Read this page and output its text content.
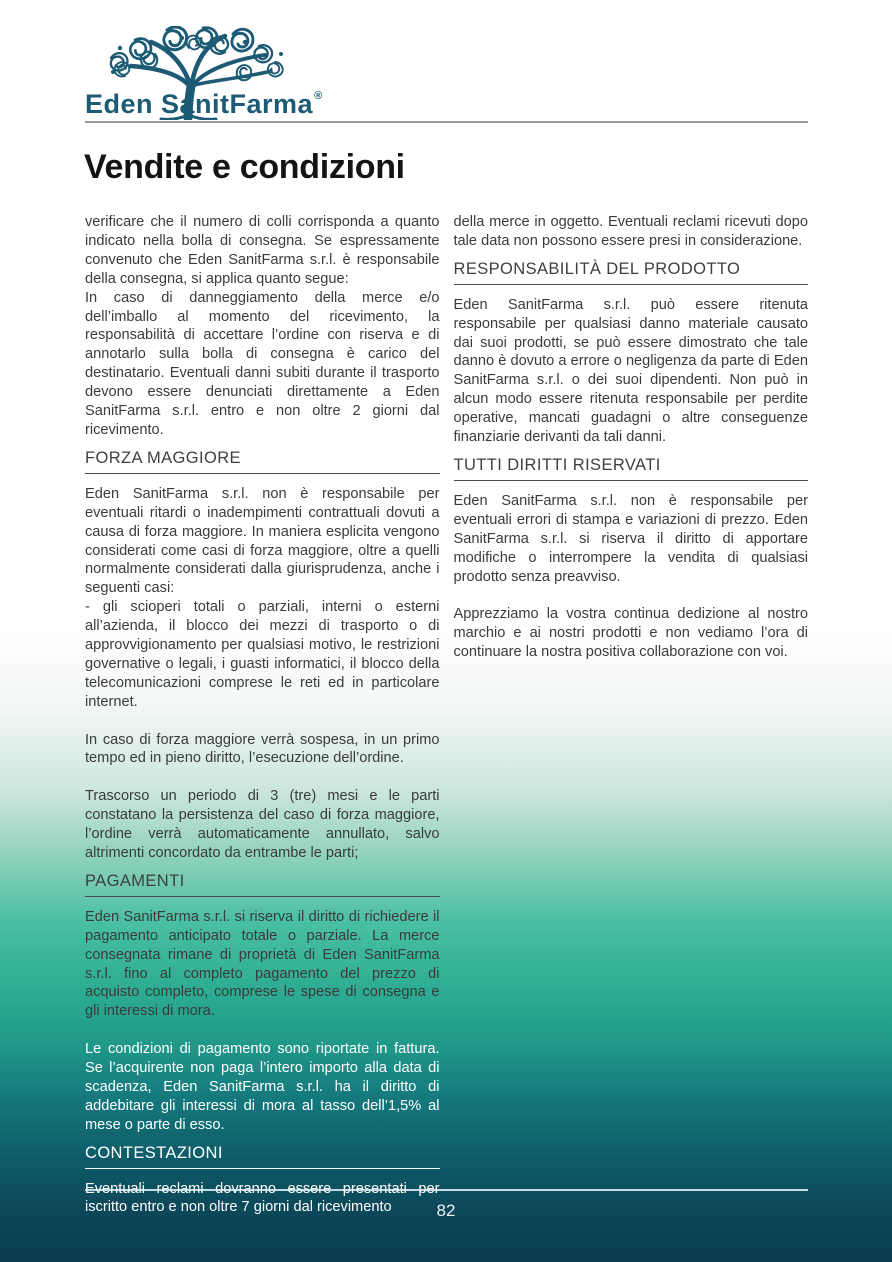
Eden SanitFarma®
Vendite e condizioni

verificare che il numero di colli corrisponda a quanto indicato nella bolla di consegna. Se espressamente convenuto che Eden SanitFarma s.r.l. è responsabile della consegna, si applica quanto segue:
In caso di danneggiamento della merce e/o dell’imballo al momento del ricevimento, la responsabilità di accettare l’ordine con riserva e di annotarlo sulla bolla di consegna è carico del destinatario. Eventuali danni subiti durante il trasporto devono essere denunciati direttamente a Eden SanitFarma s.r.l. entro e non oltre 2 giorni dal ricevimento.

FORZA MAGGIORE

Eden SanitFarma s.r.l. non è responsabile per eventuali ritardi o inadempimenti contrattuali dovuti a causa di forza maggiore. In maniera esplicita vengono considerati come casi di forza maggiore, oltre a quelli normalmente considerati dalla giurisprudenza, anche i seguenti casi:
- gli scioperi totali o parziali, interni o esterni all’azienda, il blocco dei mezzi di trasporto o di approvvigionamento per qualsiasi motivo, le restrizioni governative o legali, i guasti informatici, il blocco della telecomunicazioni comprese le reti ed in particolare internet.

In caso di forza maggiore verrà sospesa, in un primo tempo ed in pieno diritto, l’esecuzione dell’ordine.

Trascorso un periodo di 3 (tre) mesi e le parti constatano la persistenza del caso di forza maggiore, l’ordine verrà automaticamente annullato, salvo altrimenti concordato da entrambe le parti;

PAGAMENTI

Eden SanitFarma s.r.l. si riserva il diritto di richiedere il pagamento anticipato totale o parziale. La merce consegnata rimane di proprietà di Eden SanitFarma s.r.l. fino al completo pagamento del prezzo di acquisto completo, comprese le spese di consegna e gli interessi di mora.

Le condizioni di pagamento sono riportate in fattura. Se l’acquirente non paga l’intero importo alla data di scadenza, Eden SanitFarma s.r.l. ha il diritto di addebitare gli interessi di mora al tasso dell’1,5% al mese o parte di esso.

CONTESTAZIONI

Eventuali reclami dovranno essere presentati per iscritto entro e non oltre 7 giorni dal ricevimento

della merce in oggetto. Eventuali reclami ricevuti dopo tale data non possono essere presi in considerazione.

RESPONSABILITÀ DEL PRODOTTO

Eden SanitFarma s.r.l. può essere ritenuta responsabile per qualsiasi danno materiale causato dai suoi prodotti, se può essere dimostrato che tale danno è dovuto a errore o negligenza da parte di Eden SanitFarma s.r.l. o dei suoi dipendenti. Non può in alcun modo essere ritenuta responsabile per perdite operative, mancati guadagni o altre conseguenze finanziarie derivanti da tali danni.

TUTTI DIRITTI RISERVATI

Eden SanitFarma s.r.l. non è responsabile per eventuali errori di stampa e variazioni di prezzo. Eden SanitFarma s.r.l. si riserva il diritto di apportare modifiche o interrompere la vendita di qualsiasi prodotto senza preavviso.

Apprezziamo la vostra continua dedizione al nostro marchio e ai nostri prodotti e non vediamo l’ora di continuare la nostra positiva collaborazione con voi.

82
